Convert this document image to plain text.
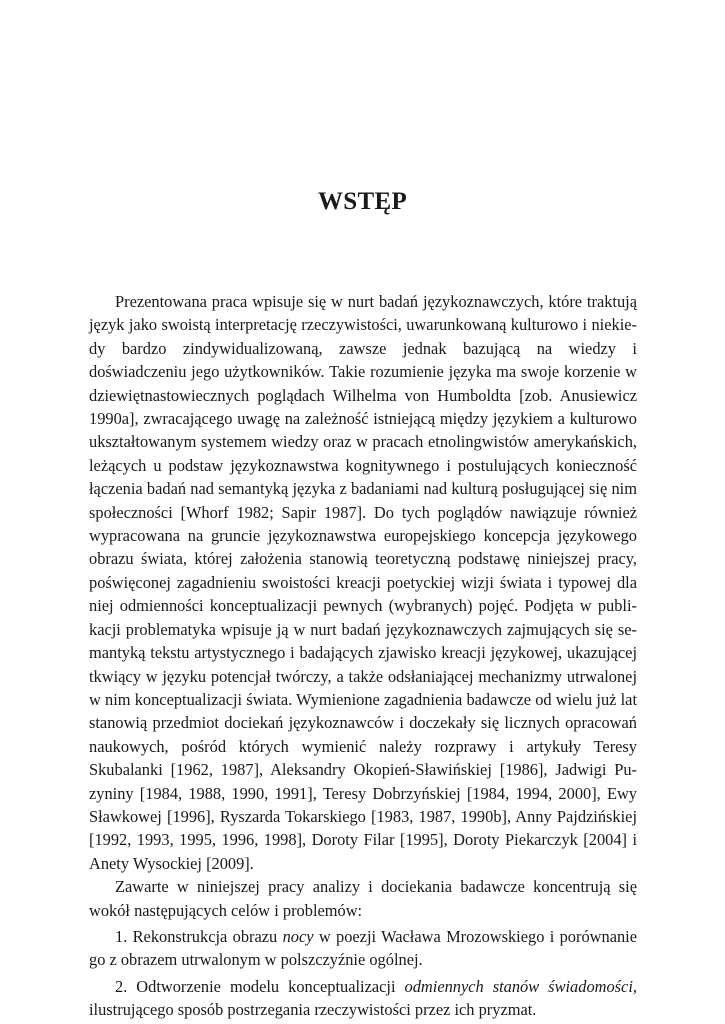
WSTĘP

Prezentowana praca wpisuje się w nurt badań językoznawczych, które traktują język jako swoistą interpretację rzeczywistości, uwarunkowaną kulturowo i niekiedy bardzo zindywidualizowaną, zawsze jednak bazującą na wiedzy i doświadczeniu jego użytkowników. Takie rozumienie języka ma swoje korzenie w dziewiętnastowiecznych poglądach Wilhelma von Humboldta [zob. Anusiewicz 1990a], zwracającego uwagę na zależność istniejącą między językiem a kulturowo ukształtowanym systemem wiedzy oraz w pracach etnolingwistów amerykańskich, leżących u podstaw językoznawstwa kognitywnego i postulujących konieczność łączenia badań nad semantyką języka z badaniami nad kulturą posługującej się nim społeczności [Whorf 1982; Sapir 1987]. Do tych poglądów nawiązuje również wypracowana na gruncie językoznawstwa europejskiego koncepcja językowego obrazu świata, której założenia stanowią teoretyczną podstawę niniejszej pracy, poświęconej zagadnieniu swoistości kreacji poetyckiej wizji świata i typowej dla niej odmienności konceptualizacji pewnych (wybranych) pojęć. Podjęta w publikacji problematyka wpisuje ją w nurt badań językoznawczych zajmujących się semantyką tekstu artystycznego i badających zjawisko kreacji językowej, ukazującej tkwiący w języku potencjał twórczy, a także odsłaniającej mechanizmy utrwalonej w nim konceptualizacji świata. Wymienione zagadnienia badawcze od wielu już lat stanowią przedmiot dociekań językoznawców i doczekały się licznych opracowań naukowych, pośród których wymienić należy rozprawy i artykuły Teresy Skubalanki [1962, 1987], Aleksandry Okopień-Sławińskiej [1986], Jadwigi Puzyniny [1984, 1988, 1990, 1991], Teresy Dobrzyńskiej [1984, 1994, 2000], Ewy Sławkowej [1996], Ryszarda Tokarskiego [1983, 1987, 1990b], Anny Pajdzińskiej [1992, 1993, 1995, 1996, 1998], Doroty Filar [1995], Doroty Piekarczyk [2004] i Anety Wysockiej [2009].

Zawarte w niniejszej pracy analizy i dociekania badawcze koncentrują się wokół następujących celów i problemów:

1. Rekonstrukcja obrazu nocy w poezji Wacława Mrozowskiego i porównanie go z obrazem utrwalonym w polszczyźnie ogólnej.

2. Odtworzenie modelu konceptualizacji odmiennych stanów świadomości, ilustrującego sposób postrzegania rzeczywistości przez ich pryzmat.
